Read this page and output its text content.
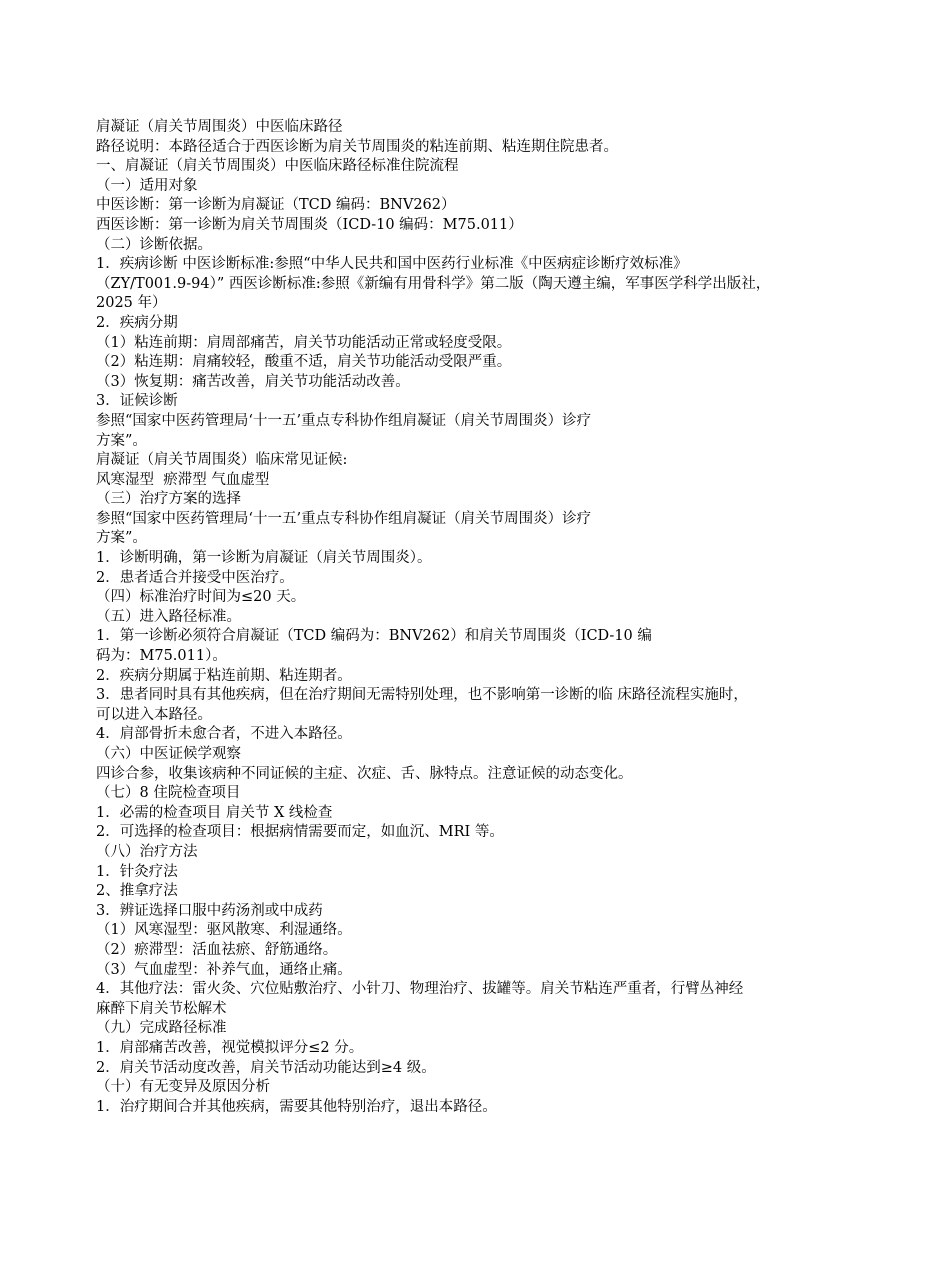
肩凝证（肩关节周围炎）中医临床路径
路径说明：本路径适合于西医诊断为肩关节周围炎的粘连前期、粘连期住院患者。
一、肩凝证（肩关节周围炎）中医临床路径标准住院流程
（一）适用对象
中医诊断：第一诊断为肩凝证（TCD 编码：BNV262）
西医诊断：第一诊断为肩关节周围炎（ICD-10 编码：M75.011）
（二）诊断依据。
1．疾病诊断 中医诊断标准:参照“中华人民共和国中医药行业标准《中医病症诊断疗效标准》
（ZY/T001.9-94）” 西医诊断标准:参照《新编有用骨科学》第二版（陶天遵主编，军事医学科学出版社，
2025 年）
2．疾病分期
（1）粘连前期：肩周部痛苦，肩关节功能活动正常或轻度受限。
（2）粘连期：肩痛较轻，酸重不适，肩关节功能活动受限严重。
（3）恢复期：痛苦改善，肩关节功能活动改善。
3．证候诊断
参照“国家中医药管理局‘十一五’重点专科协作组肩凝证（肩关节周围炎）诊疗
方案”。
肩凝证（肩关节周围炎）临床常见证候:
风寒湿型  瘀滞型 气血虚型
（三）治疗方案的选择
参照“国家中医药管理局‘十一五’重点专科协作组肩凝证（肩关节周围炎）诊疗
方案”。
1．诊断明确，第一诊断为肩凝证（肩关节周围炎）。
2．患者适合并接受中医治疗。
（四）标准治疗时间为≤20 天。
（五）进入路径标准。
1．第一诊断必须符合肩凝证（TCD 编码为：BNV262）和肩关节周围炎（ICD-10 编
码为：M75.011）。
2．疾病分期属于粘连前期、粘连期者。
3．患者同时具有其他疾病，但在治疗期间无需特别处理，也不影响第一诊断的临 床路径流程实施时，
可以进入本路径。
4．肩部骨折未愈合者，不进入本路径。
（六）中医证候学观察
四诊合参，收集该病种不同证候的主症、次症、舌、脉特点。注意证候的动态变化。
（七）8 住院检查项目
1．必需的检查项目 肩关节 X 线检查
2．可选择的检查项目：根据病情需要而定，如血沉、MRI 等。
（八）治疗方法
1．针灸疗法
2、推拿疗法
3．辨证选择口服中药汤剂或中成药
（1）风寒湿型：驱风散寒、利湿通络。
（2）瘀滞型：活血祛瘀、舒筋通络。
（3）气血虚型：补养气血，通络止痛。
4．其他疗法：雷火灸、穴位贴敷治疗、小针刀、物理治疗、拔罐等。肩关节粘连严重者，行臂丛神经
麻醉下肩关节松解术
（九）完成路径标准
1．肩部痛苦改善，视觉模拟评分≤2 分。
2．肩关节活动度改善，肩关节活动功能达到≥4 级。
（十）有无变异及原因分析
1．治疗期间合并其他疾病，需要其他特别治疗，退出本路径。
